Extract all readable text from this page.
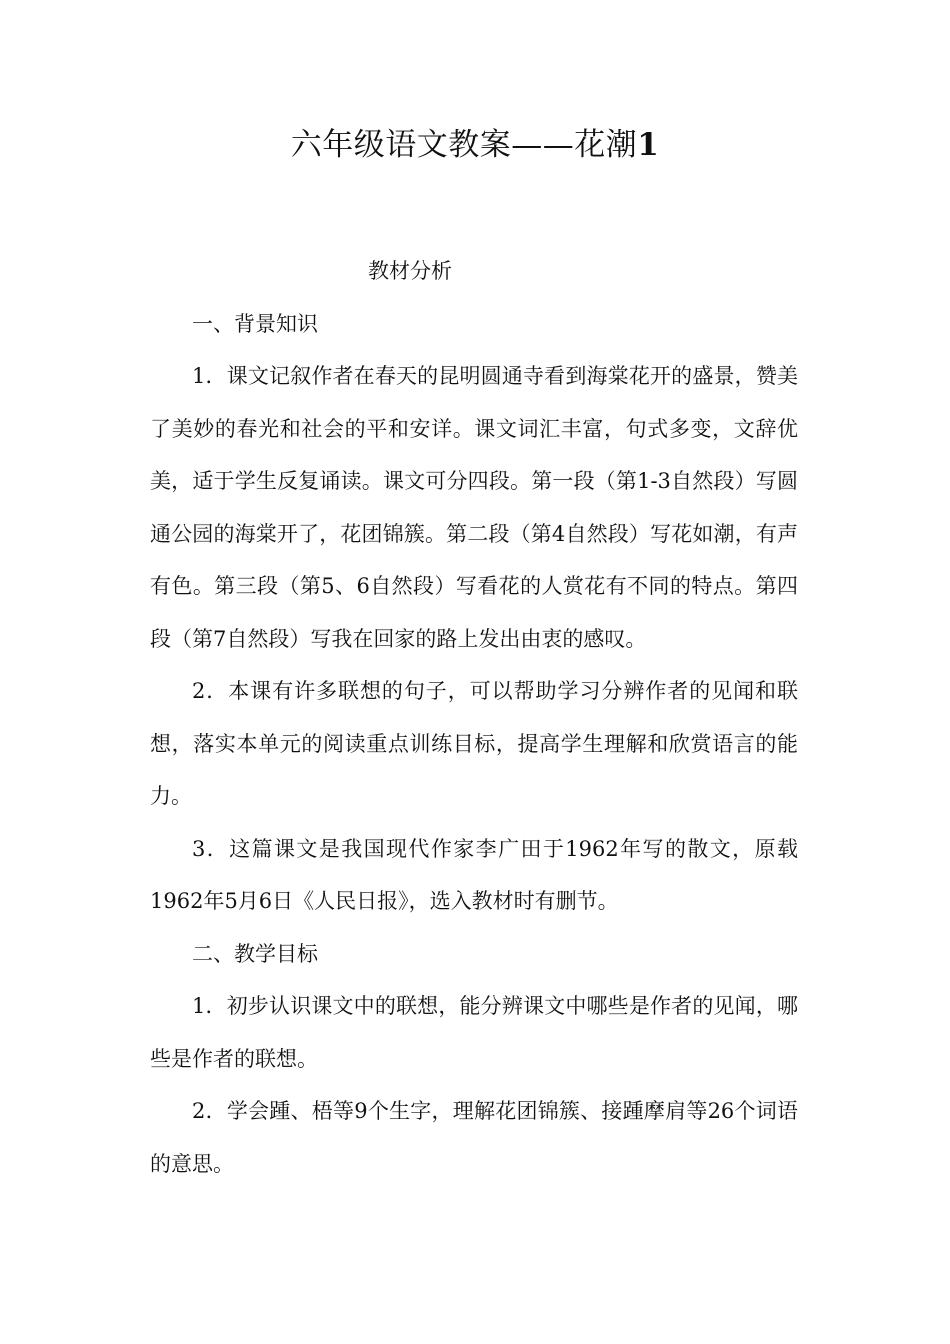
六年级语文教案——花潮1

教材分析

一、背景知识

1．课文记叙作者在春天的昆明圆通寺看到海棠花开的盛景，赞美了美妙的春光和社会的平和安详。课文词汇丰富，句式多变，文辞优美，适于学生反复诵读。课文可分四段。第一段（第1-3自然段）写圆通公园的海棠开了，花团锦簇。第二段（第4自然段）写花如潮，有声有色。第三段（第5、6自然段）写看花的人赏花有不同的特点。第四段（第7自然段）写我在回家的路上发出由衷的感叹。

2．本课有许多联想的句子，可以帮助学习分辨作者的见闻和联想，落实本单元的阅读重点训练目标，提高学生理解和欣赏语言的能力。

3．这篇课文是我国现代作家李广田于1962年写的散文，原载1962年5月6日《人民日报》，选入教材时有删节。

二、教学目标

1．初步认识课文中的联想，能分辨课文中哪些是作者的见闻，哪些是作者的联想。

2．学会踵、梧等9个生字，理解花团锦簇、接踵摩肩等26个词语的意思。
